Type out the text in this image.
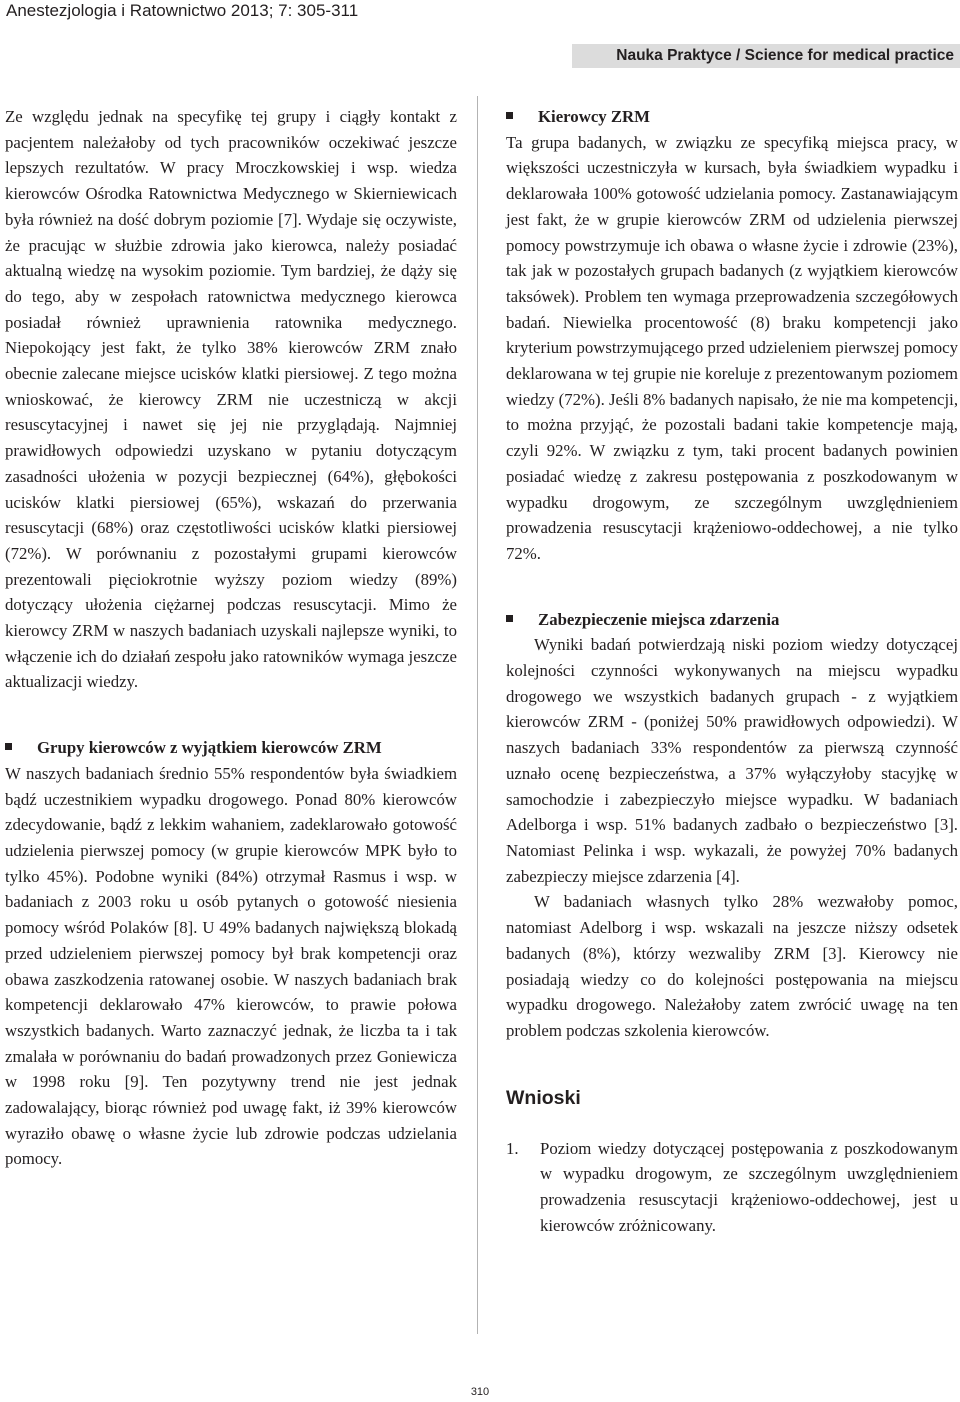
Anestezjologia i Ratownictwo 2013; 7: 305-311
Nauka Praktyce / Science for medical practice

Ze względu jednak na specyfikę tej grupy i ciągły kontakt z pacjentem należałoby od tych pracowników oczekiwać jeszcze lepszych rezultatów. W pracy Mroczkowskiej i wsp. wiedza kierowców Ośrodka Ratownictwa Medycznego w Skierniewicach była również na dość dobrym poziomie [7]. Wydaje się oczywiste, że pracując w służbie zdrowia jako kierowca, należy posiadać aktualną wiedzę na wysokim poziomie. Tym bardziej, że dąży się do tego, aby w zespołach ratownictwa medycznego kierowca posiadał również uprawnienia ratownika medycznego. Niepokojący jest fakt, że tylko 38% kierowców ZRM znało obecnie zalecane miejsce ucisków klatki piersiowej. Z tego można wnioskować, że kierowcy ZRM nie uczestniczą w akcji resuscytacyjnej i nawet się jej nie przyglądają. Najmniej prawidłowych odpowiedzi uzyskano w pytaniu dotyczącym zasadności ułożenia w pozycji bezpiecznej (64%), głębokości ucisków klatki piersiowej (65%), wskazań do przerwania resuscytacji (68%) oraz częstotliwości ucisków klatki piersiowej (72%). W porównaniu z pozostałymi grupami kierowców prezentowali pięciokrotnie wyższy poziom wiedzy (89%) dotyczący ułożenia ciężarnej podczas resuscytacji. Mimo że kierowcy ZRM w naszych badaniach uzyskali najlepsze wyniki, to włączenie ich do działań zespołu jako ratowników wymaga jeszcze aktualizacji wiedzy.

Grupy kierowców z wyjątkiem kierowców ZRM

W naszych badaniach średnio 55% respondentów była świadkiem bądź uczestnikiem wypadku drogowego. Ponad 80% kierowców zdecydowanie, bądź z lekkim wahaniem, zadeklarowało gotowość udzielenia pierwszej pomocy (w grupie kierowców MPK było to tylko 45%). Podobne wyniki (84%) otrzymał Rasmus i wsp. w badaniach z 2003 roku u osób pytanych o gotowość niesienia pomocy wśród Polaków [8]. U 49% badanych największą blokadą przed udzieleniem pierwszej pomocy był brak kompetencji oraz obawa zaszkodzenia ratowanej osobie. W naszych badaniach brak kompetencji deklarowało 47% kierowców, to prawie połowa wszystkich badanych. Warto zaznaczyć jednak, że liczba ta i tak zmalała w porównaniu do badań prowadzonych przez Goniewicza w 1998 roku [9]. Ten pozytywny trend nie jest jednak zadowalający, biorąc również pod uwagę fakt, iż 39% kierowców wyraziło obawę o własne życie lub zdrowie podczas udzielania pomocy.

Kierowcy ZRM

Ta grupa badanych, w związku ze specyfiką miejsca pracy, w większości uczestniczyła w kursach, była świadkiem wypadku i deklarowała 100% gotowość udzielania pomocy. Zastanawiającym jest fakt, że w grupie kierowców ZRM od udzielenia pierwszej pomocy powstrzymuje ich obawa o własne życie i zdrowie (23%), tak jak w pozostałych grupach badanych (z wyjątkiem kierowców taksówek). Problem ten wymaga przeprowadzenia szczegółowych badań. Niewielka procentowość (8) braku kompetencji jako kryterium powstrzymującego przed udzieleniem pierwszej pomocy deklarowana w tej grupie nie koreluje z prezentowanym poziomem wiedzy (72%). Jeśli 8% badanych napisało, że nie ma kompetencji, to można przyjąć, że pozostali badani takie kompetencje mają, czyli 92%. W związku z tym, taki procent badanych powinien posiadać wiedzę z zakresu postępowania z poszkodowanym w wypadku drogowym, ze szczególnym uwzględnieniem prowadzenia resuscytacji krążeniowo-oddechowej, a nie tylko 72%.

Zabezpieczenie miejsca zdarzenia

Wyniki badań potwierdzają niski poziom wiedzy dotyczącej kolejności czynności wykonywanych na miejscu wypadku drogowego we wszystkich badanych grupach - z wyjątkiem kierowców ZRM - (poniżej 50% prawidłowych odpowiedzi). W naszych badaniach 33% respondentów za pierwszą czynność uznało ocenę bezpieczeństwa, a 37% wyłączyłoby stacyjkę w samochodzie i zabezpieczyło miejsce wypadku. W badaniach Adelborga i wsp. 51% badanych zadbało o bezpieczeństwo [3]. Natomiast Pelinka i wsp. wykazali, że powyżej 70% badanych zabezpieczy miejsce zdarzenia [4].

W badaniach własnych tylko 28% wezwałoby pomoc, natomiast Adelborg i wsp. wskazali na jeszcze niższy odsetek badanych (8%), którzy wezwaliby ZRM [3]. Kierowcy nie posiadają wiedzy co do kolejności postępowania na miejscu wypadku drogowego. Należałoby zatem zwrócić uwagę na ten problem podczas szkolenia kierowców.

Wnioski
1. Poziom wiedzy dotyczącej postępowania z poszkodowanym w wypadku drogowym, ze szczególnym uwzględnieniem prowadzenia resuscytacji krążeniowo-oddechowej, jest u kierowców zróżnicowany.
310
